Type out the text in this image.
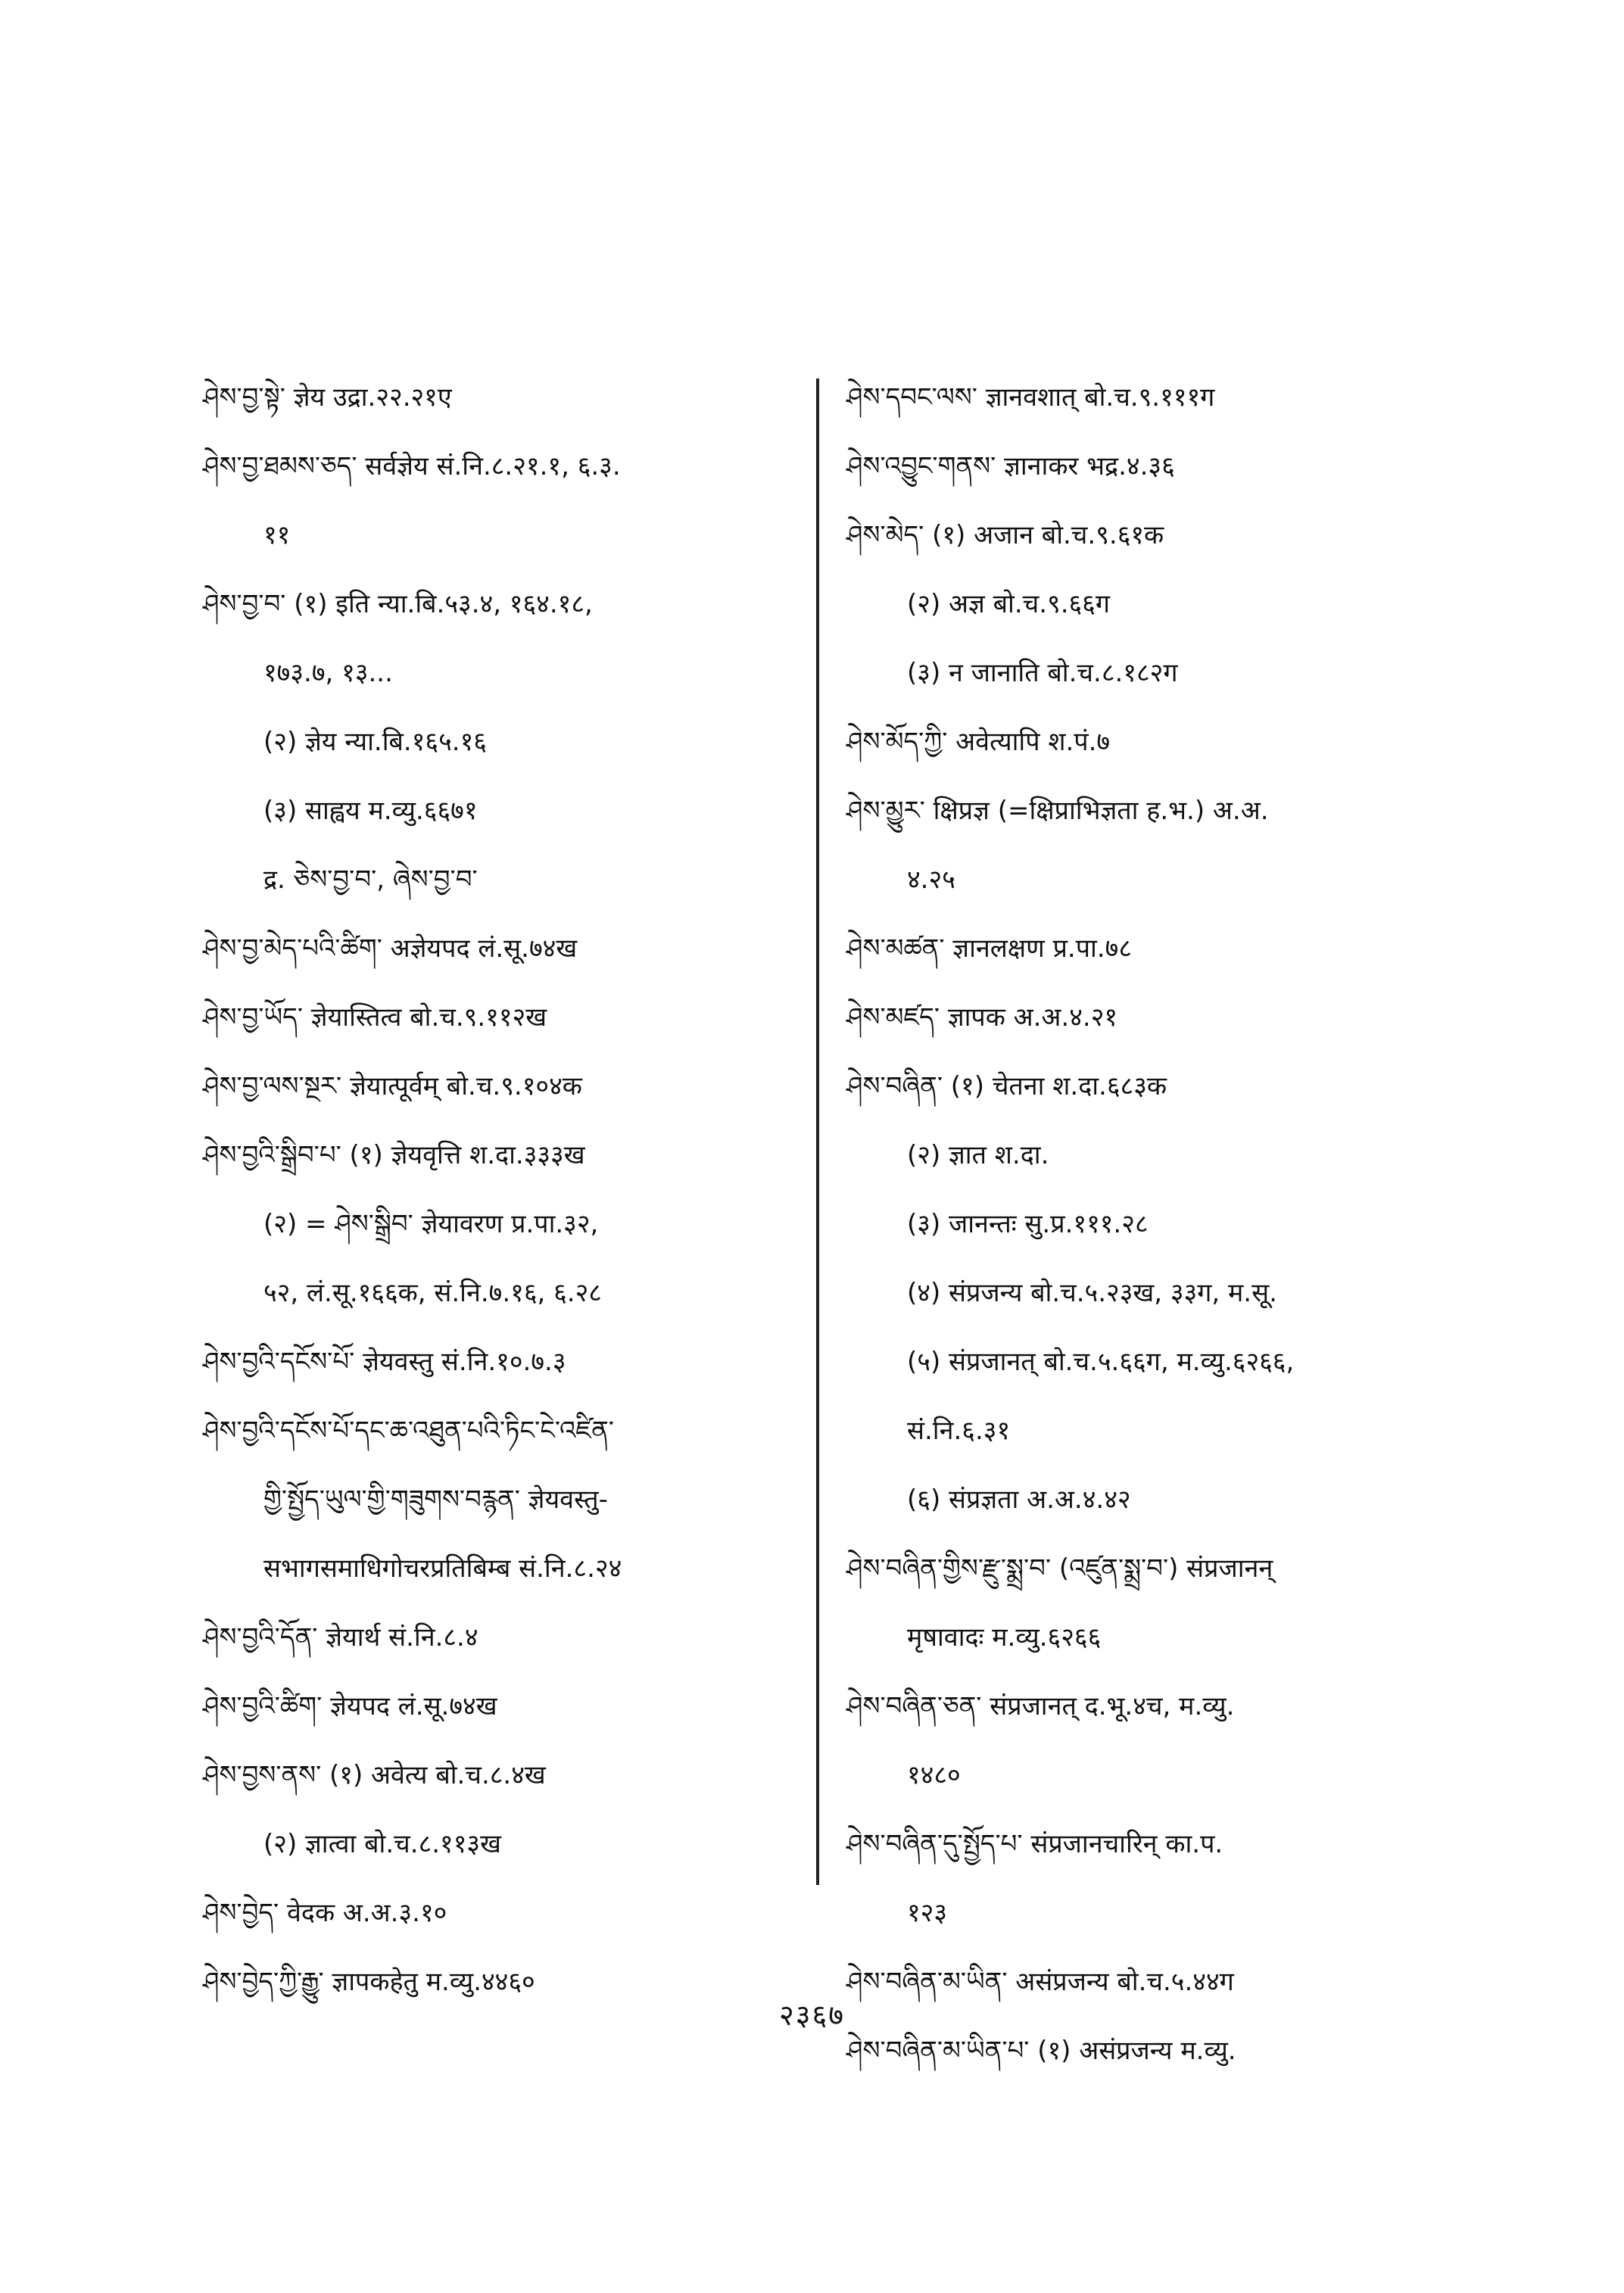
ཤེས་བྱ་སྟེ་ ज्ञेय उद्रा.२२.२१ए
ཤེས་བྱ་ཐམས་ཅད་ सर्वज्ञेय सं.नि.८.२१.१, ६.३.
११
ཤེས་བྱ་བ་ (१) इति न्या.बि.५३.४, १६४.१८,
१७३.७, १३...
(२) ज्ञेय न्या.बि.१६५.१६
(३) साह्वय म.व्यु.६६७१
द्र. ཅེས་བྱ་བ་, ཞེས་བྱ་བ་
ཤེས་བྱ་མེད་པའི་ཚིག་ अज्ञेयपद लं.सू.७४ख
ཤེས་བྱ་ཡོད་ ज्ञेयास्तित्व बो.च.९.११२ख
ཤེས་བྱ་ལས་སྔར་ ज्ञेयात्पूर्वम् बो.च.९.१०४क
ཤེས་བྱའི་སྒྲིབ་པ་ (१) ज्ञेयवृत्ति श.दा.३३३ख
(२) = ཤེས་སྒྲིབ་ ज्ञेयावरण प्र.पा.३२,
५२, लं.सू.१६६क, सं.नि.७.१६, ६.२८
ཤེས་བྱའི་དངོས་པོ་ ज्ञेयवस्तु सं.नि.१०.७.३
ཤེས་བྱའི་དངོས་པོ་དང་ཆ་འཐུན་པའི་ཏིང་ངེ་འཛིན་
གྱི་སྤྱོད་ཡུལ་གྱི་གཟུགས་བརྙན་ ज्ञेयवस्तु-
सभागसमाधिगोचरप्रतिबिम्ब सं.नि.८.२४
ཤེས་བྱའི་དོན་ ज्ञेयार्थ सं.नि.८.४
ཤེས་བྱའི་ཚིག་ ज्ञेयपद लं.सू.७४ख
ཤེས་བྱས་ནས་ (१) अवेत्य बो.च.८.४ख
(२) ज्ञात्वा बो.च.८.११३ख
ཤེས་བྱེད་ वेदक अ.अ.३.१०
ཤེས་བྱེད་ཀྱི་རྒྱུ་ ज्ञापकहेतु म.व्यु.४४६०
ཤེས་དབང་ལས་ ज्ञानवशात् बो.च.९.१११ग
ཤེས་འབྱུང་གནས་ ज्ञानाकर भद्र.४.३६
ཤེས་མེད་ (१) अजान बो.च.९.६१क
(२) अज्ञ बो.च.९.६६ग
(३) न जानाति बो.च.८.१८२ग
ཤེས་མོད་ཀྱི་ अवेत्यापि श.पं.७
ཤེས་མྱུར་ क्षिप्रज्ञ (=क्षिप्राभिज्ञता ह.भ.) अ.अ.
४.२५
ཤེས་མཚན་ ज्ञानलक्षण प्र.पा.७८
ཤེས་མཛད་ ज्ञापक अ.अ.४.२१
ཤེས་བཞིན་ (१) चेतना श.दा.६८३क
(२) ज्ञात श.दा.
(३) जानन्तः सु.प्र.१११.२८
(४) संप्रजन्य बो.च.५.२३ख, ३३ग, म.सू.
(५) संप्रजानत् बो.च.५.६६ग, म.व्यु.६२६६,
सं.नि.६.३१
(६) संप्रज्ञता अ.अ.४.४२
ཤེས་བཞིན་གྱིས་རྫུ་སྨྲ་བ་ (འཛུན་སྨྲ་བ་) संप्रजानन्
मृषावादः म.व्यु.६२६६
ཤེས་བཞིན་ཅན་ संप्रजानत् द.भू.४च, म.व्यु.
१४८०
ཤེས་བཞིན་དུ་སྤྱོད་པ་ संप्रजानचारिन् का.प.
१२३
ཤེས་བཞིན་མ་ཡིན་ असंप्रजन्य बो.च.५.४४ग
ཤེས་བཞིན་མ་ཡིན་པ་ (१) असंप्रजन्य म.व्यु.
२३६७
